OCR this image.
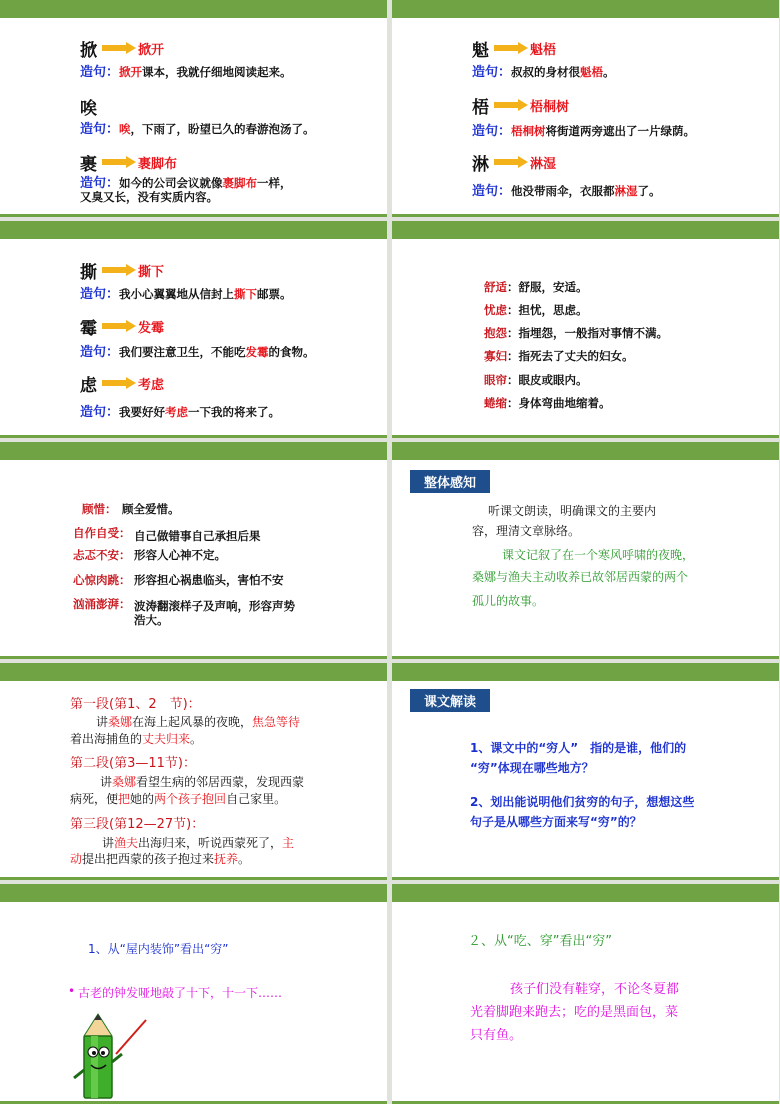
掀	掀开
造句：掀开课本，我就仔细地阅读起来。
唉
造句：唉，下雨了，盼望已久的春游泡汤了。
裹	裹脚布
造句：如今的公司会议就像裹脚布一样，
又臭又长，没有实质内容。
魁	魁梧
造句：叔叔的身材很魁梧。
梧	梧桐树
造句：梧桐树将街道两旁遮出了一片绿荫。
淋	淋湿
造句：他没带雨伞，衣服都淋湿了。
撕	撕下
造句：我小心翼翼地从信封上撕下邮票。
霉	发霉
造句：我们要注意卫生，不能吃发霉的食物。
虑	考虑
造句：我要好好考虑一下我的将来了。
舒适：舒服，安适。
忧虑：担忧，思虑。
抱怨：指埋怨，一般指对事情不满。
寡妇：指死去了丈夫的妇女。
眼帘：眼皮或眼内。
蜷缩：身体弯曲地缩着。
顾惜： 顾全爱惜。
自作自受： 自己做错事自己承担后果
忐忑不安： 形容人心神不定。
心惊肉跳： 形容担心祸患临头，害怕不安
汹涌澎湃： 波涛翻滚样子及声响，形容声势
浩大。
整体感知
听课文朗读，明确课文的主要内
容，理清文章脉络。
课文记叙了在一个寒风呼啸的夜晚，
桑娜与渔夫主动收养已故邻居西蒙的两个
孤儿的故事。
第一段(第1、2　节)：
讲桑娜在海上起风暴的夜晚，焦急等待
着出海捕鱼的丈夫归来。
第二段(第3—11节)：
讲桑娜看望生病的邻居西蒙，发现西蒙
病死，便把她的两个孩子抱回自己家里。
第三段(第12—27节)：
讲渔夫出海归来，听说西蒙死了，主
动提出把西蒙的孩子抱过来抚养。
课文解读
1、课文中的“穷人”　指的是谁，他们的
“穷”体现在哪些地方？
2、划出能说明他们贫穷的句子，想想这些
句子是从哪些方面来写“穷”的？
1、从“屋内装饰”看出“穷”
• 古老的钟发哑地敲了十下，十一下……
２、从“吃、穿”看出“穷”
孩子们没有鞋穿，不论冬夏都
光着脚跑来跑去；吃的是黑面包，菜
只有鱼。
